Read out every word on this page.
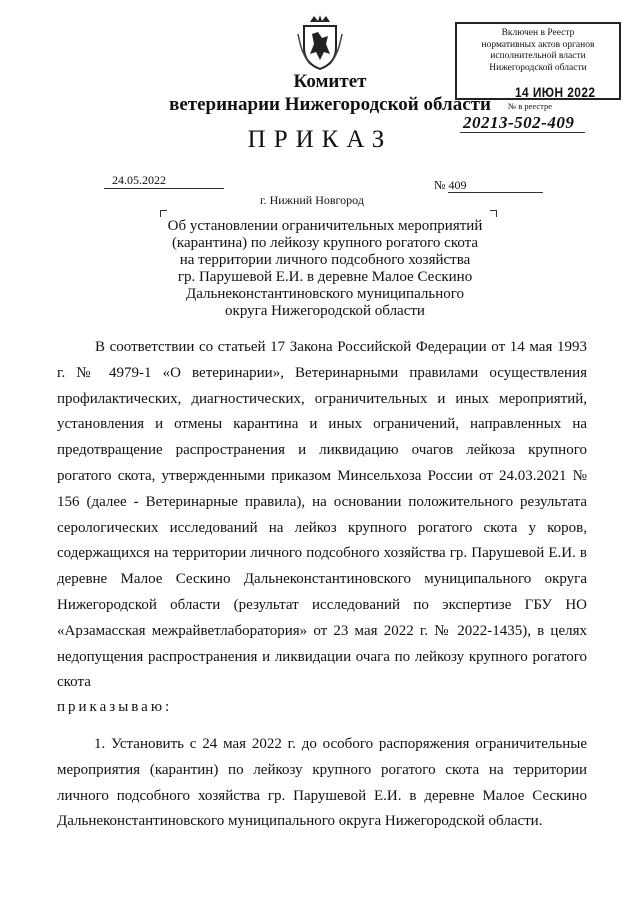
Комитет
ветеринарии Нижегородской области
Включен в Реестр
нормативных актов органов
исполнительной власти
Нижегородской области
14 ИЮН 2022
№ в реестре
20213-502-409
ПРИКАЗ
24.05.2022	№ 409
г. Нижний Новгород
Об установлении ограничительных мероприятий
(карантина) по лейкозу крупного рогатого скота
на территории личного подсобного хозяйства
гр. Парушевой Е.И. в деревне Малое Сескино
Дальнеконстантиновского муниципального
округа Нижегородской области
В соответствии со статьей 17 Закона Российской Федерации от 14 мая 1993 г. № 4979-1 «О ветеринарии», Ветеринарными правилами осуществления профилактических, диагностических, ограничительных и иных мероприятий, установления и отмены карантина и иных ограничений, направленных на предотвращение распространения и ликвидацию очагов лейкоза крупного рогатого скота, утвержденными приказом Минсельхоза России от 24.03.2021 № 156 (далее - Ветеринарные правила), на основании положительного результата серологических исследований на лейкоз крупного рогатого скота у коров, содержащихся на территории личного подсобного хозяйства гр. Парушевой Е.И. в деревне Малое Сескино Дальнеконстантиновского муниципального округа Нижегородской области (результат исследований по экспертизе ГБУ НО «Арзамасская межрайветлаборатория» от 23 мая 2022 г. № 2022-1435), в целях недопущения распространения и ликвидации очага по лейкозу крупного рогатого скота
приказываю:
1. Установить с 24 мая 2022 г. до особого распоряжения ограничительные мероприятия (карантин) по лейкозу крупного рогатого скота на территории личного подсобного хозяйства гр. Парушевой Е.И. в деревне Малое Сескино Дальнеконстантиновского муниципального округа Нижегородской области.
